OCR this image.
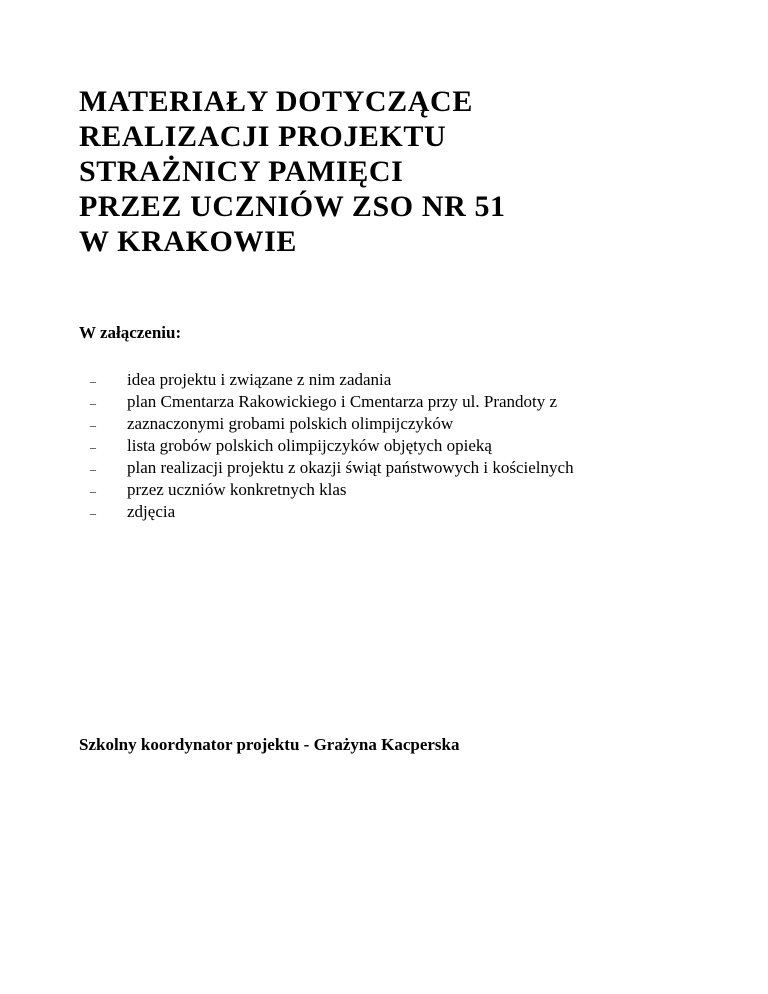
MATERIAŁY DOTYCZĄCE
REALIZACJI PROJEKTU
STRAŻNICY PAMIĘCI
PRZEZ UCZNIÓW ZSO NR 51
W KRAKOWIE

W załączeniu:

– idea projektu i związane z nim zadania
– plan Cmentarza Rakowickiego i Cmentarza przy ul. Prandoty z
– zaznaczonymi grobami polskich olimpijczyków
– lista grobów polskich olimpijczyków objętych opieką
– plan realizacji projektu z okazji świąt państwowych i kościelnych
– przez uczniów konkretnych klas
– zdjęcia

Szkolny koordynator projektu - Grażyna Kacperska
